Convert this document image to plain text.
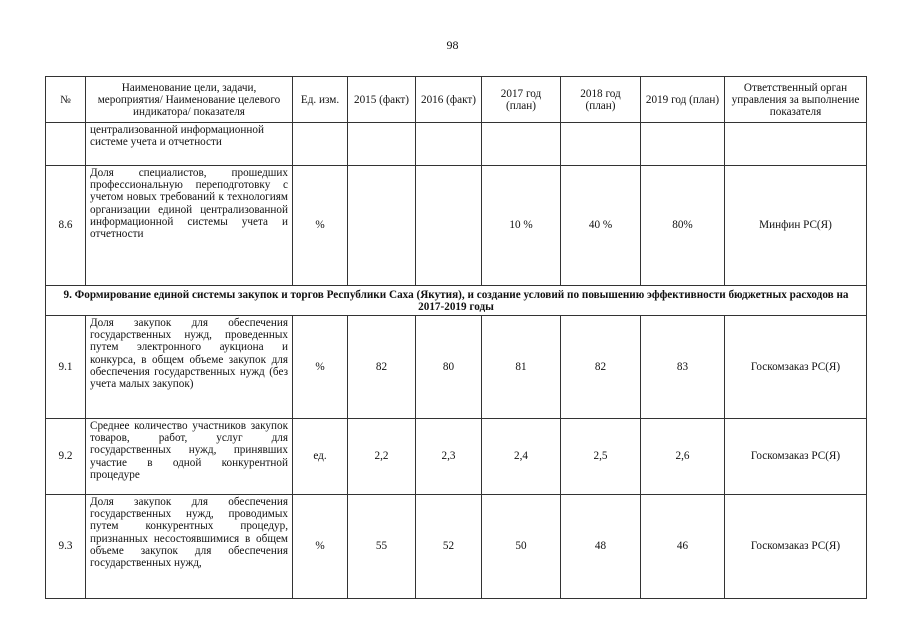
98
№	Наименование цели, задачи, мероприятия/ Наименование целевого индикатора/ показателя	Ед. изм.	2015 (факт)	2016 (факт)	2017 год (план)	2018 год (план)	2019 год (план)	Ответственный орган управления за выполнение показателя
	централизованной информационной системе учета и отчетности							
8.6	Доля специалистов, прошедших профессиональную переподготовку с учетом новых требований к технологиям организации единой централизованной информационной системы учета и отчетности	%			10 %	40 %	80%	Минфин РС(Я)
9. Формирование единой системы закупок и торгов Республики Саха (Якутия), и создание условий по повышению эффективности бюджетных расходов на 2017-2019 годы								
9.1	Доля закупок для обеспечения государственных нужд, проведенных путем электронного аукциона и конкурса, в общем объеме закупок для обеспечения государственных нужд (без учета малых закупок)	%	82	80	81	82	83	Госкомзаказ РС(Я)
9.2	Среднее количество участников закупок товаров, работ, услуг для государственных нужд, принявших участие в одной конкурентной процедуре	ед.	2,2	2,3	2,4	2,5	2,6	Госкомзаказ РС(Я)
9.3	Доля закупок для обеспечения государственных нужд, проводимых путем конкурентных процедур, признанных несостоявшимися в общем объеме закупок для обеспечения государственных нужд,	%	55	52	50	48	46	Госкомзаказ РС(Я)
